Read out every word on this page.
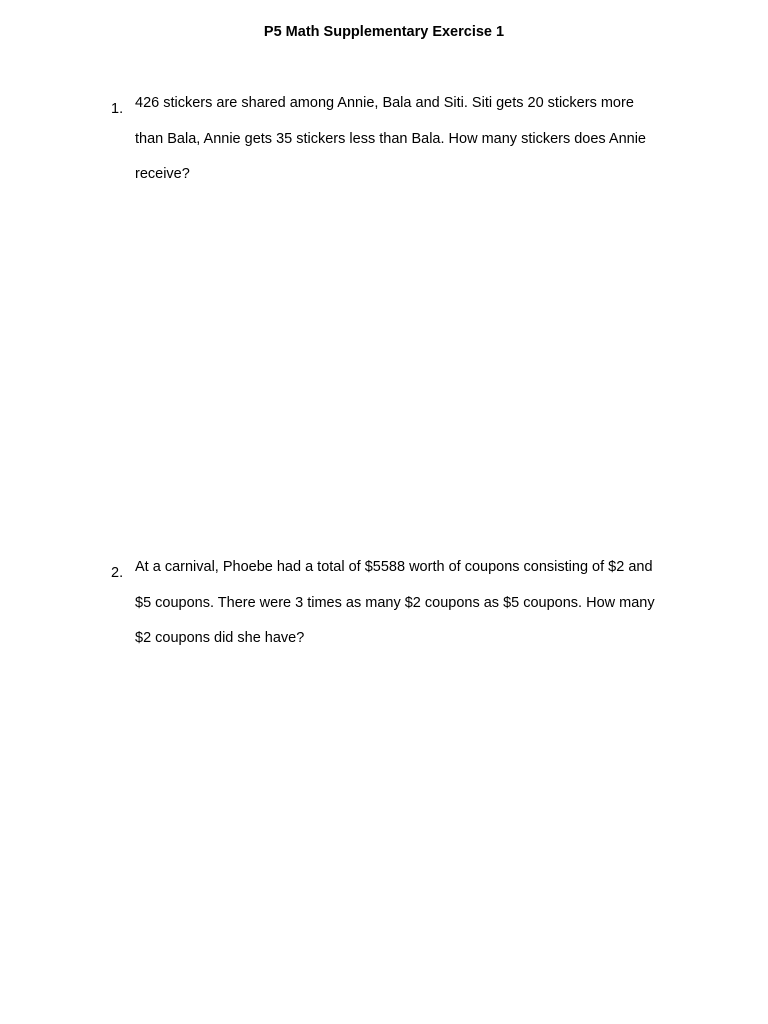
P5 Math Supplementary Exercise 1
1. 426 stickers are shared among Annie, Bala and Siti. Siti gets 20 stickers more
than Bala, Annie gets 35 stickers less than Bala. How many stickers does Annie
receive?
2. At a carnival, Phoebe had a total of $5588 worth of coupons consisting of $2 and
$5 coupons. There were 3 times as many $2 coupons as $5 coupons. How many
$2 coupons did she have?
